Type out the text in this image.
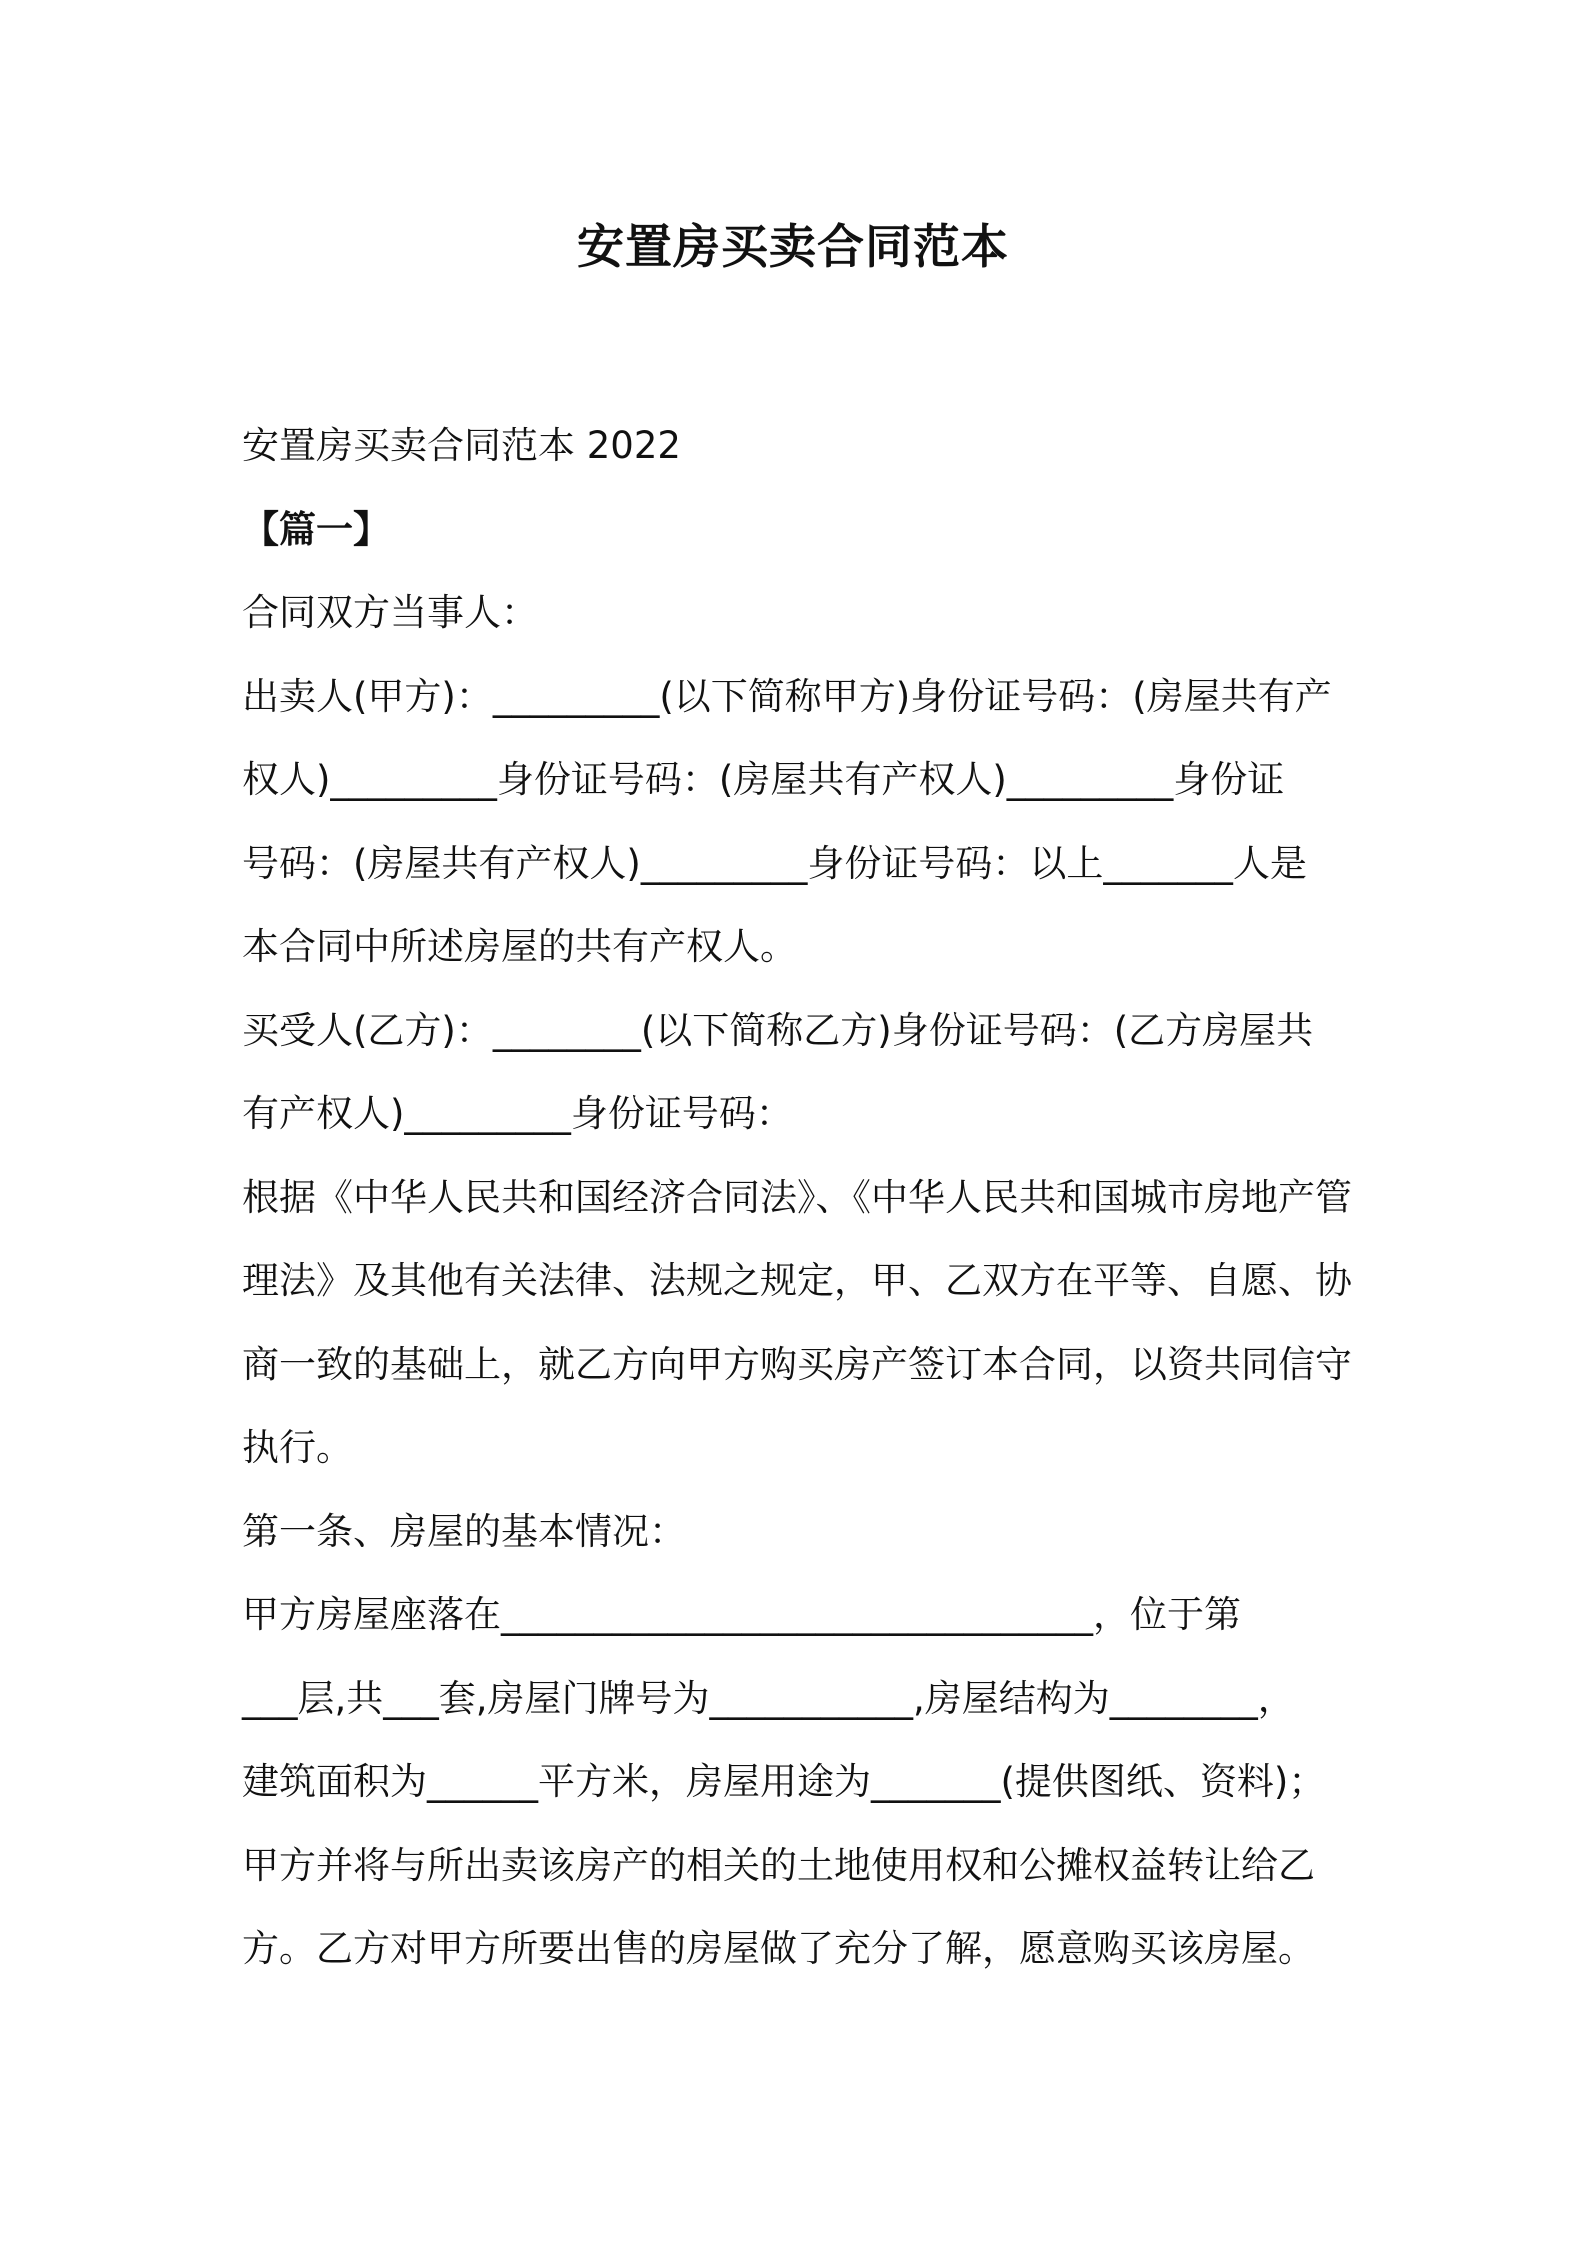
安置房买卖合同范本
安置房买卖合同范本 2022
【篇一】
合同双方当事人：
出卖人(甲方)：_________(以下简称甲方)身份证号码：(房屋共有产
权人)_________身份证号码：(房屋共有产权人)_________身份证
号码：(房屋共有产权人)_________身份证号码：以上_______人是
本合同中所述房屋的共有产权人。
买受人(乙方)：________(以下简称乙方)身份证号码：(乙方房屋共
有产权人)_________身份证号码：
根据《中华人民共和国经济合同法》、《中华人民共和国城市房地产管
理法》及其他有关法律、法规之规定，甲、乙双方在平等、自愿、协
商一致的基础上，就乙方向甲方购买房产签订本合同，以资共同信守
执行。
第一条、房屋的基本情况：
甲方房屋座落在________________________________，位于第
___层,共___套,房屋门牌号为___________,房屋结构为________，
建筑面积为______平方米，房屋用途为_______(提供图纸、资料)；
甲方并将与所出卖该房产的相关的土地使用权和公摊权益转让给乙
方。乙方对甲方所要出售的房屋做了充分了解，愿意购买该房屋。
